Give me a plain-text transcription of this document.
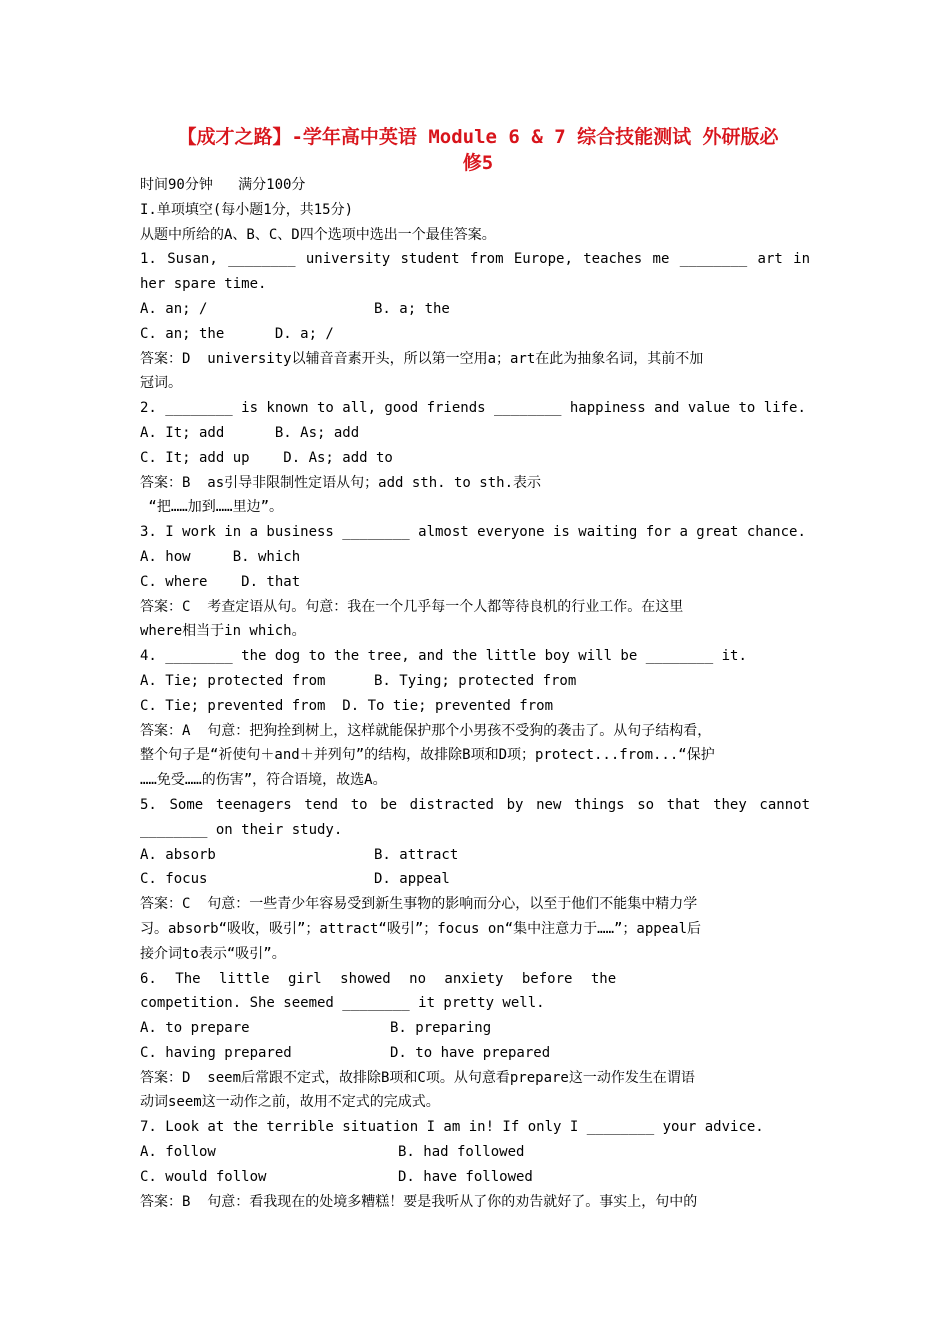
【成才之路】-学年高中英语 Module 6 & 7 综合技能测试 外研版必
修5
时间90分钟   满分100分
I.单项填空(每小题1分，共15分)
从题中所给的A、B、C、D四个选项中选出一个最佳答案。
1. Susan, ________ university student from Europe, teaches me ________ art in
her spare time.
A. an; /	B. a; the
C. an; the      D. a; /
答案：D  university以辅音音素开头，所以第一空用a；art在此为抽象名词，其前不加
冠词。
2. ________ is known to all, good friends ________ happiness and value to life.
A. It; add      B. As; add
C. It; add up    D. As; add to
答案：B  as引导非限制性定语从句；add sth. to sth.表示
“把……加到……里边”。
3. I work in a business ________ almost everyone is waiting for a great chance.
A. how     B. which
C. where    D. that
答案：C  考查定语从句。句意：我在一个几乎每一个人都等待良机的行业工作。在这里
where相当于in which。
4. ________ the dog to the tree, and the little boy will be ________ it.
A. Tie; protected from	B. Tying; protected from
C. Tie; prevented from  D. To tie; prevented from
答案：A  句意：把狗拴到树上，这样就能保护那个小男孩不受狗的袭击了。从句子结构看，
整个句子是“祈使句＋and＋并列句”的结构，故排除B项和D项；protect...from...“保护
……免受……的伤害”，符合语境，故选A。
5. Some teenagers tend to be distracted by new things so that they cannot
________ on their study.
A. absorb	B. attract
C. focus	D. appeal
答案：C  句意：一些青少年容易受到新生事物的影响而分心，以至于他们不能集中精力学
习。absorb“吸收，吸引”；attract“吸引”；focus on“集中注意力于……”；appeal后
接介词to表示“吸引”。
6. The little girl showed no anxiety before the
competition. She seemed ________ it pretty well.
A. to prepare	B. preparing
C. having prepared	D. to have prepared
答案：D  seem后常跟不定式，故排除B项和C项。从句意看prepare这一动作发生在谓语
动词seem这一动作之前，故用不定式的完成式。
7. Look at the terrible situation I am in! If only I ________ your advice.
A. follow	B. had followed
C. would follow	D. have followed
答案：B  句意：看我现在的处境多糟糕！要是我听从了你的劝告就好了。事实上，句中的
